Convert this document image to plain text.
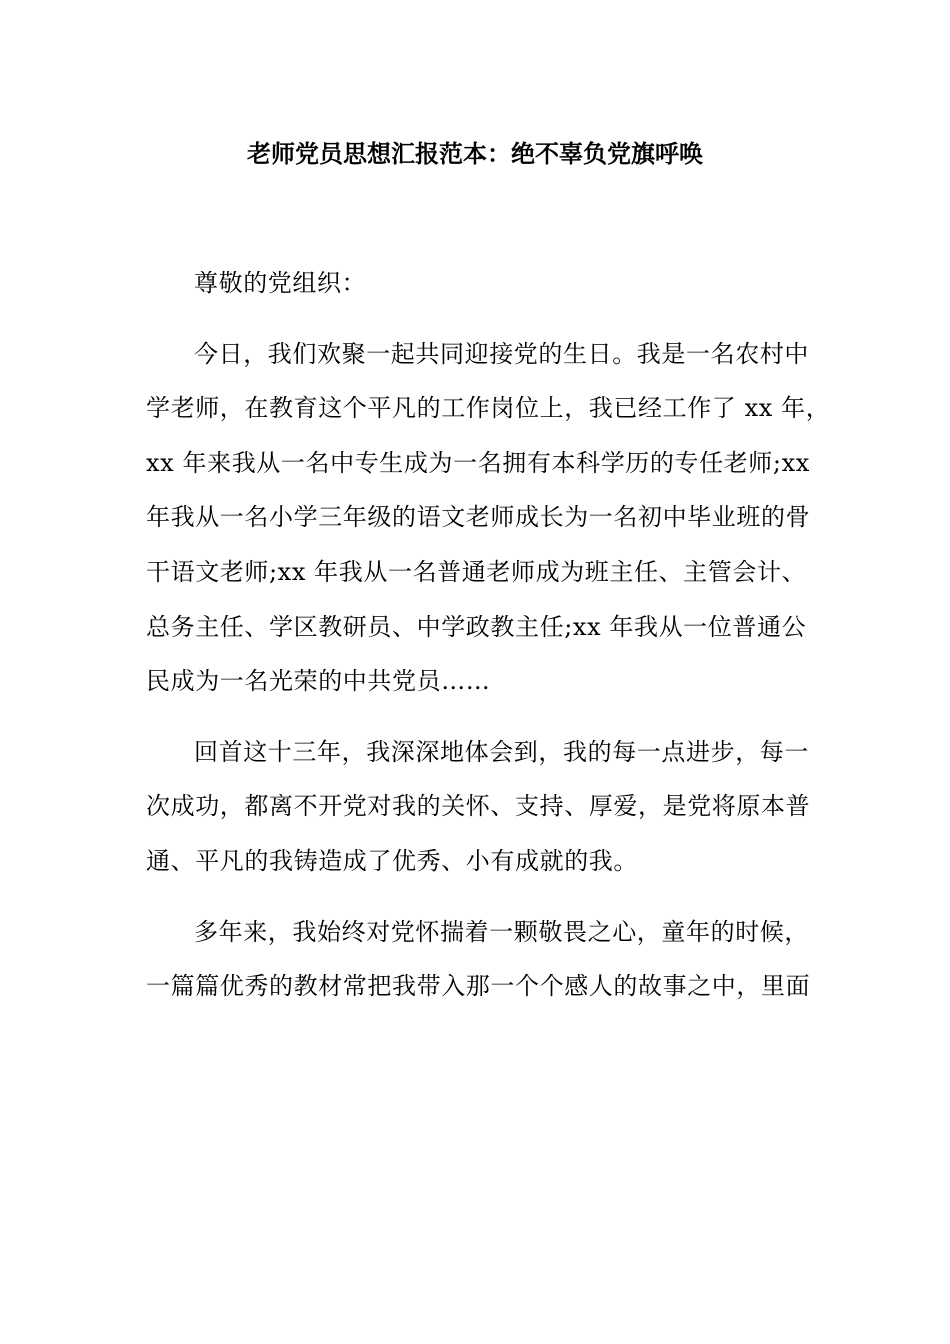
老师党员思想汇报范本：绝不辜负党旗呼唤

尊敬的党组织：

今日，我们欢聚一起共同迎接党的生日。我是一名农村中
学老师，在教育这个平凡的工作岗位上，我已经工作了 xx 年，
xx 年来我从一名中专生成为一名拥有本科学历的专任老师;xx
年我从一名小学三年级的语文老师成长为一名初中毕业班的骨
干语文老师;xx 年我从一名普通老师成为班主任、主管会计、
总务主任、学区教研员、中学政教主任;xx 年我从一位普通公
民成为一名光荣的中共党员……

回首这十三年，我深深地体会到，我的每一点进步，每一
次成功，都离不开党对我的关怀、支持、厚爱，是党将原本普
通、平凡的我铸造成了优秀、小有成就的我。

多年来，我始终对党怀揣着一颗敬畏之心，童年的时候，
一篇篇优秀的教材常把我带入那一个个感人的故事之中，里面
